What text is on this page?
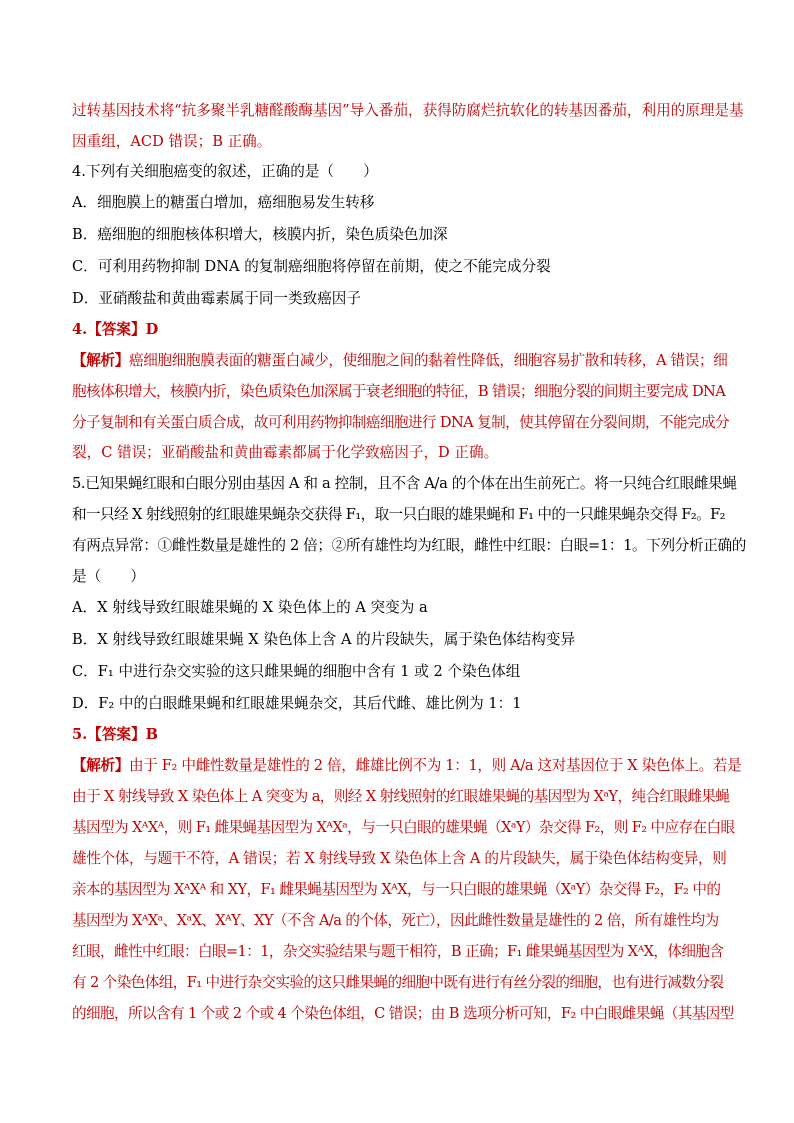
过转基因技术将“抗多聚半乳糖醛酸酶基因”导入番茄，获得防腐烂抗软化的转基因番茄，利用的原理是基
因重组，ACD 错误；B 正确。
4.下列有关细胞癌变的叙述，正确的是（　　）
A．细胞膜上的糖蛋白增加，癌细胞易发生转移
B．癌细胞的细胞核体积增大，核膜内折，染色质染色加深
C．可利用药物抑制 DNA 的复制癌细胞将停留在前期，使之不能完成分裂
D．亚硝酸盐和黄曲霉素属于同一类致癌因子
4.【答案】D
【解析】癌细胞细胞膜表面的糖蛋白减少，使细胞之间的黏着性降低，细胞容易扩散和转移，A 错误；细
胞核体积增大，核膜内折，染色质染色加深属于衰老细胞的特征，B 错误；细胞分裂的间期主要完成 DNA
分子复制和有关蛋白质合成，故可利用药物抑制癌细胞进行 DNA 复制，使其停留在分裂间期，不能完成分
裂，C 错误；亚硝酸盐和黄曲霉素都属于化学致癌因子，D 正确。
5.已知果蝇红眼和白眼分别由基因 A 和 a 控制，且不含 A/a 的个体在出生前死亡。将一只纯合红眼雌果蝇
和一只经 X 射线照射的红眼雄果蝇杂交获得 F₁，取一只白眼的雄果蝇和 F₁ 中的一只雌果蝇杂交得 F₂。F₂
有两点异常：①雌性数量是雄性的 2 倍；②所有雄性均为红眼，雌性中红眼：白眼=1：1。下列分析正确的
是（　　）
A．X 射线导致红眼雄果蝇的 X 染色体上的 A 突变为 a
B．X 射线导致红眼雄果蝇 X 染色体上含 A 的片段缺失，属于染色体结构变异
C．F₁ 中进行杂交实验的这只雌果蝇的细胞中含有 1 或 2 个染色体组
D．F₂ 中的白眼雌果蝇和红眼雄果蝇杂交，其后代雌、雄比例为 1：1
5.【答案】B
【解析】由于 F₂ 中雌性数量是雄性的 2 倍，雌雄比例不为 1：1，则 A/a 这对基因位于 X 染色体上。若是
由于 X 射线导致 X 染色体上 A 突变为 a，则经 X 射线照射的红眼雄果蝇的基因型为 XᵃY，纯合红眼雌果蝇
基因型为 XᴬXᴬ，则 F₁ 雌果蝇基因型为 XᴬXᵃ，与一只白眼的雄果蝇（XᵃY）杂交得 F₂，则 F₂ 中应存在白眼
雄性个体，与题干不符，A 错误；若 X 射线导致 X 染色体上含 A 的片段缺失，属于染色体结构变异，则
亲本的基因型为 XᴬXᴬ 和 XY，F₁ 雌果蝇基因型为 XᴬX，与一只白眼的雄果蝇（XᵃY）杂交得 F₂，F₂ 中的
基因型为 XᴬXᵃ、XᵃX、XᴬY、XY（不含 A/a 的个体，死亡），因此雌性数量是雄性的 2 倍，所有雄性均为
红眼，雌性中红眼：白眼=1：1，杂交实验结果与题干相符，B 正确；F₁ 雌果蝇基因型为 XᴬX，体细胞含
有 2 个染色体组，F₁ 中进行杂交实验的这只雌果蝇的细胞中既有进行有丝分裂的细胞，也有进行减数分裂
的细胞，所以含有 1 个或 2 个或 4 个染色体组，C 错误；由 B 选项分析可知，F₂ 中白眼雌果蝇（其基因型
